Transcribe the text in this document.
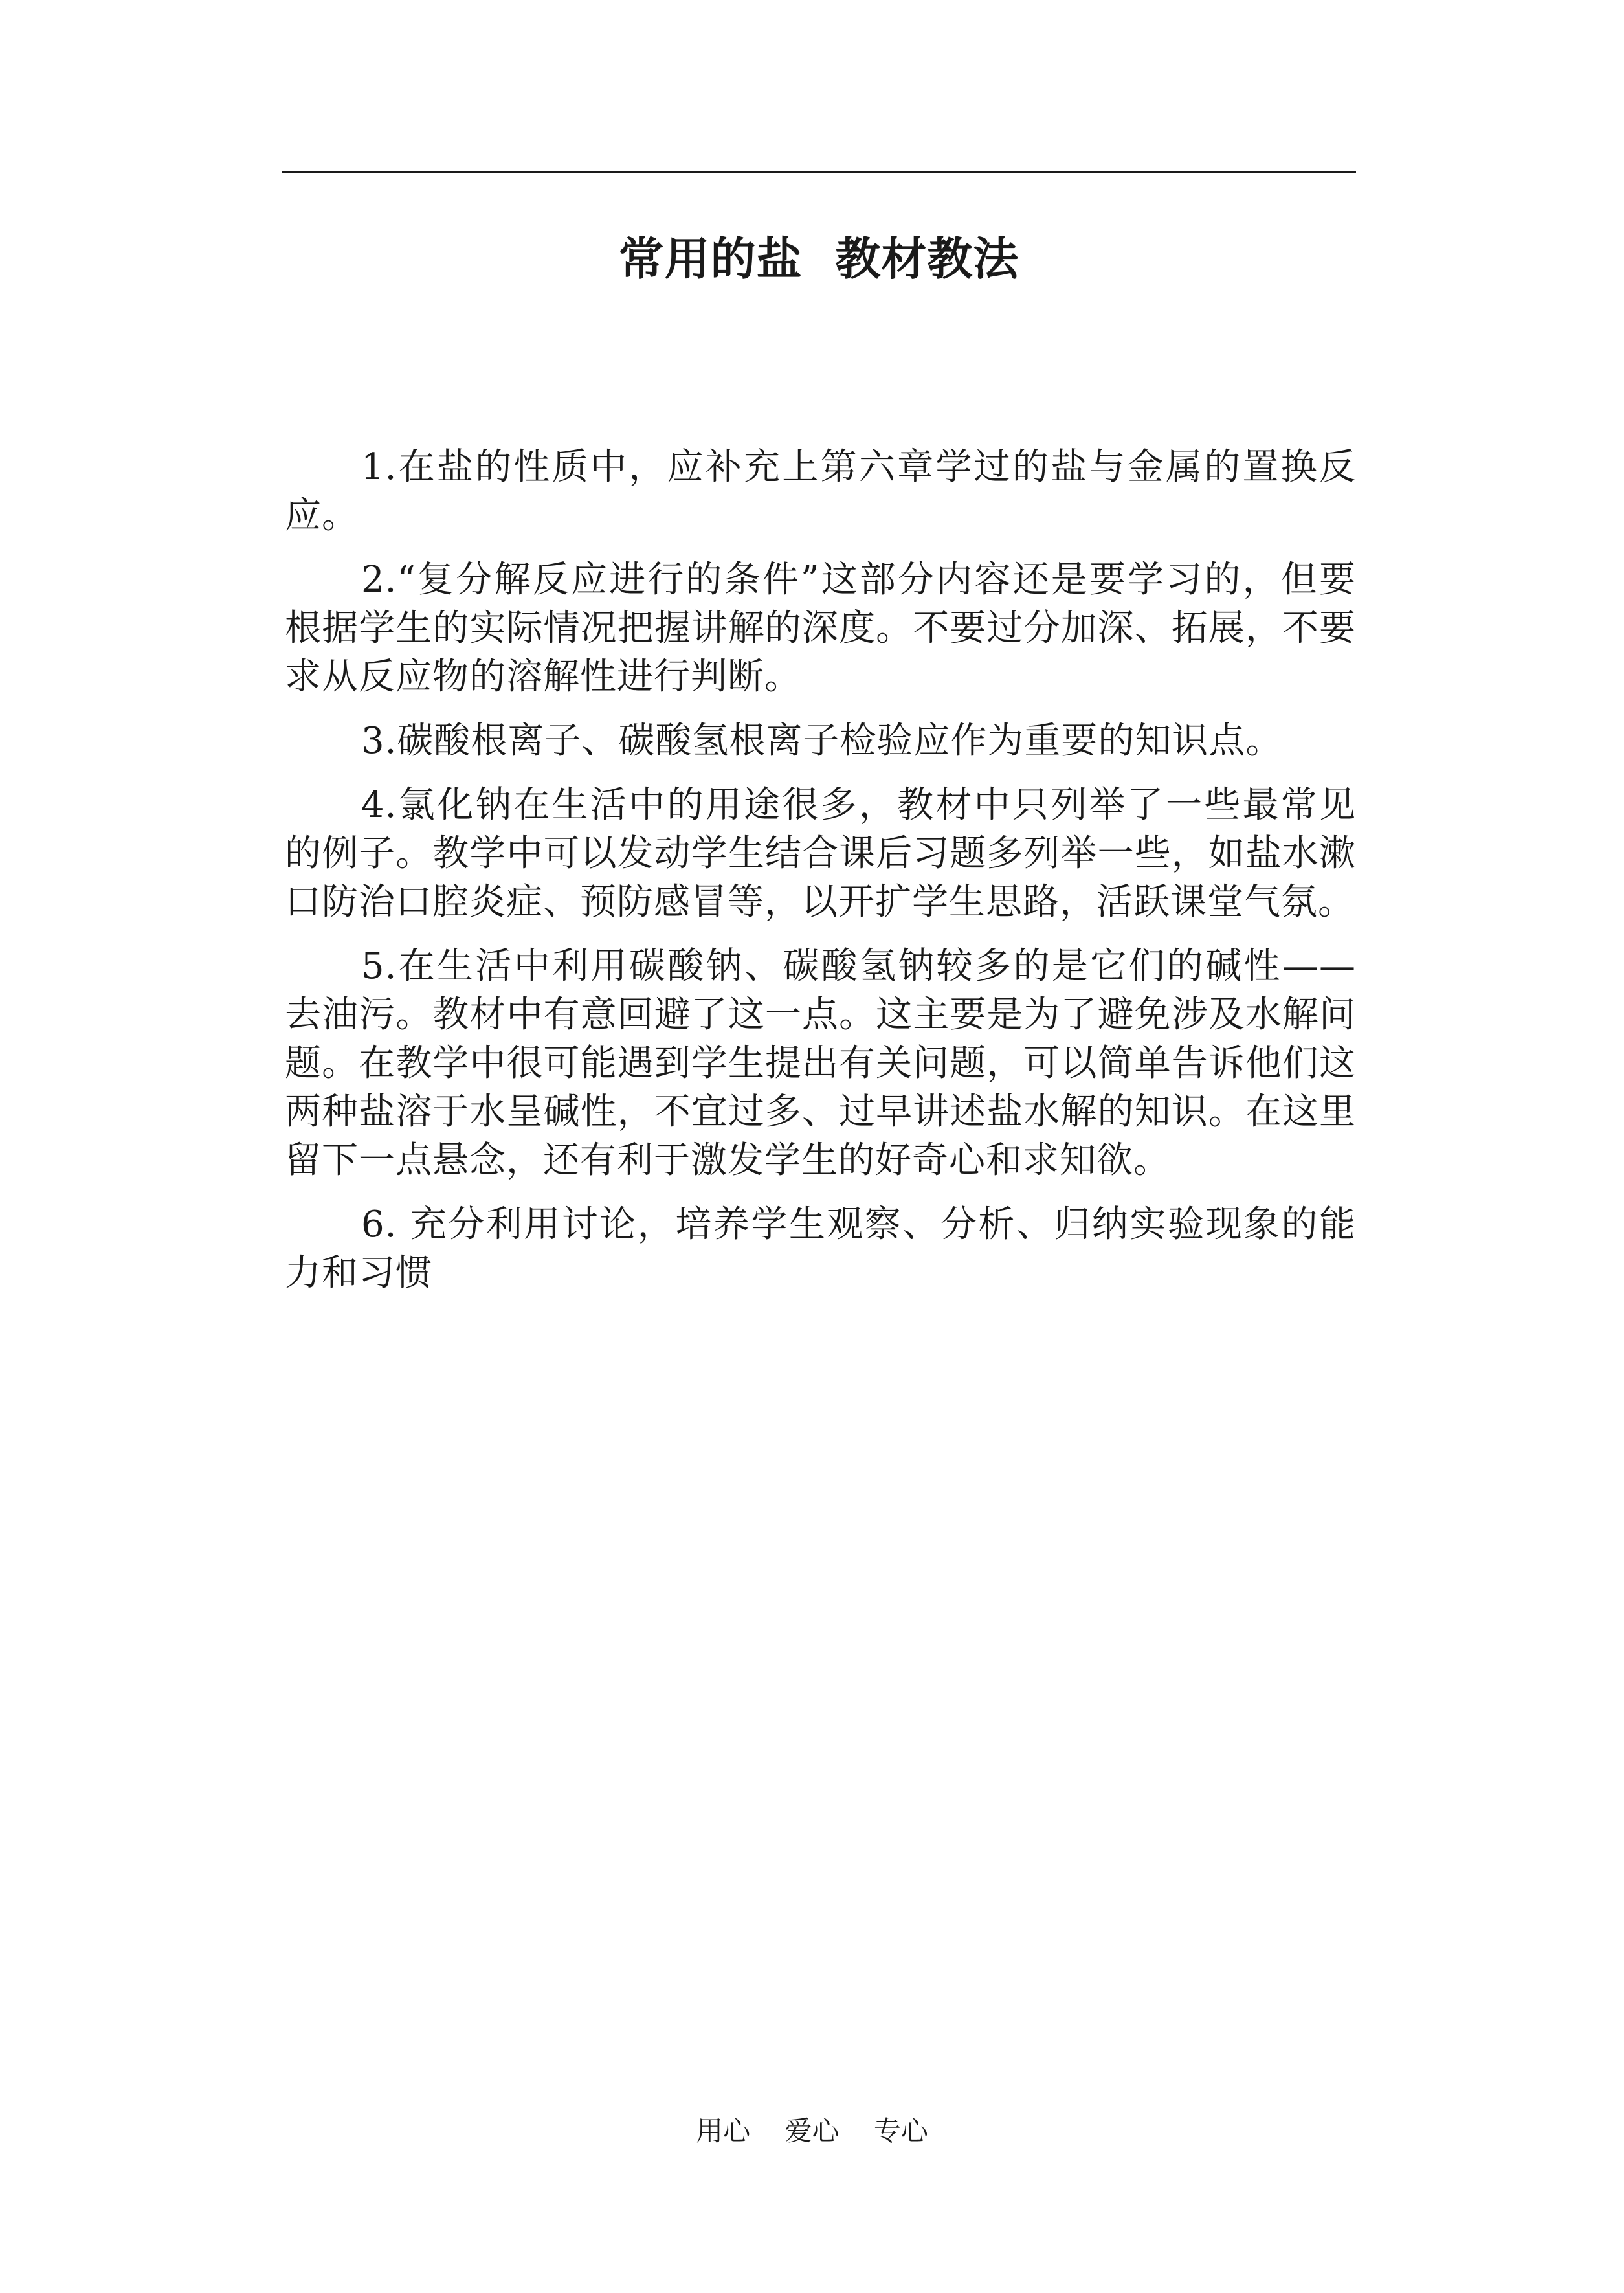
常用的盐  教材教法

1.在盐的性质中，应补充上第六章学过的盐与金属的置换反应。

2.“复分解反应进行的条件”这部分内容还是要学习的，但要根据学生的实际情况把握讲解的深度。不要过分加深、拓展，不要求从反应物的溶解性进行判断。

3.碳酸根离子、碳酸氢根离子检验应作为重要的知识点。

4.氯化钠在生活中的用途很多，教材中只列举了一些最常见的例子。教学中可以发动学生结合课后习题多列举一些，如盐水漱口防治口腔炎症、预防感冒等，以开扩学生思路，活跃课堂气氛。

5.在生活中利用碳酸钠、碳酸氢钠较多的是它们的碱性——去油污。教材中有意回避了这一点。这主要是为了避免涉及水解问题。在教学中很可能遇到学生提出有关问题，可以简单告诉他们这两种盐溶于水呈碱性，不宜过多、过早讲述盐水解的知识。在这里留下一点悬念，还有利于激发学生的好奇心和求知欲。

6. 充分利用讨论，培养学生观察、分析、归纳实验现象的能力和习惯

用心    爱心    专心
